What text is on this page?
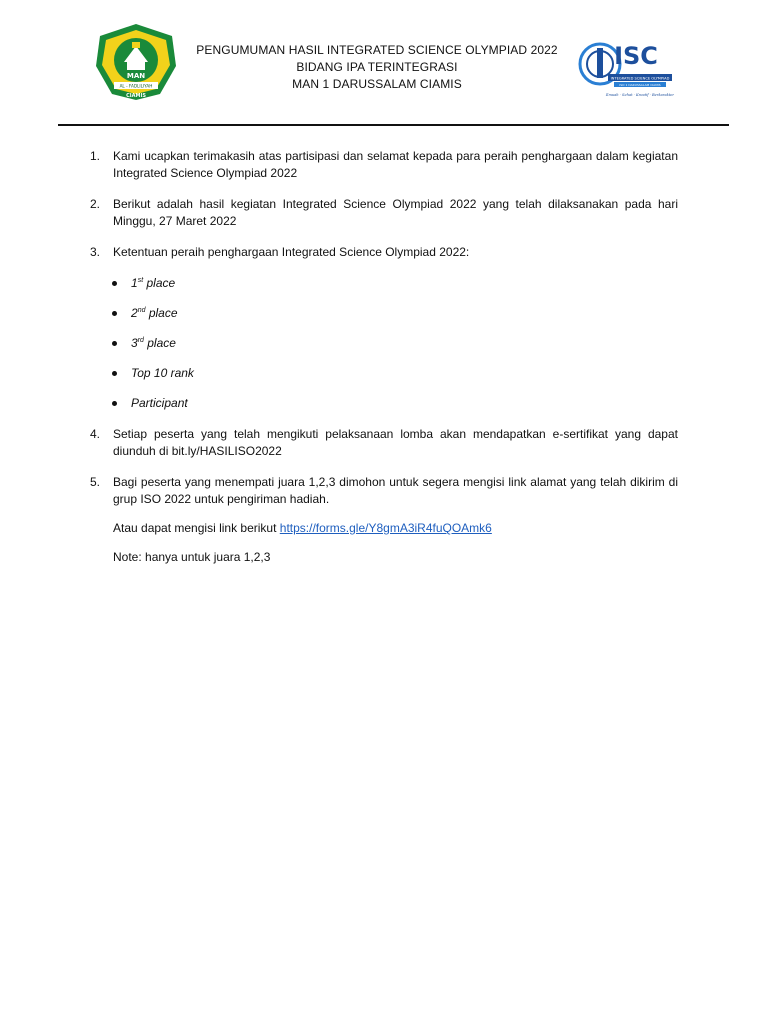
MAN
AL - FADLILIYAH
CIAMIS
PENGUMUMAN HASIL INTEGRATED SCIENCE OLYMPIAD 2022
BIDANG IPA TERINTEGRASI
MAN 1 DARUSSALAM CIAMIS
ISC
INTEGRATED SCIENCE OLYMPIAD
ISO 1 DARUSSALAM CIAMIS
Ilmuah · Sehat · Kreatif · Berkarakter
1. Kami ucapkan terimakasih atas partisipasi dan selamat kepada para peraih penghargaan dalam kegiatan Integrated Science Olympiad 2022
2. Berikut adalah hasil kegiatan Integrated Science Olympiad 2022 yang telah dilaksanakan pada hari Minggu, 27 Maret 2022
3. Ketentuan peraih penghargaan Integrated Science Olympiad 2022:
1st place
2nd place
3rd place
Top 10 rank
Participant
4. Setiap peserta yang telah mengikuti pelaksanaan lomba akan mendapatkan e-sertifikat yang dapat diunduh di bit.ly/HASILISO2022
5. Bagi peserta yang menempati juara 1,2,3 dimohon untuk segera mengisi link alamat yang telah dikirim di grup ISO 2022 untuk pengiriman hadiah.
Atau dapat mengisi link berikut https://forms.gle/Y8gmA3iR4fuQOAmk6
Note: hanya untuk juara 1,2,3
